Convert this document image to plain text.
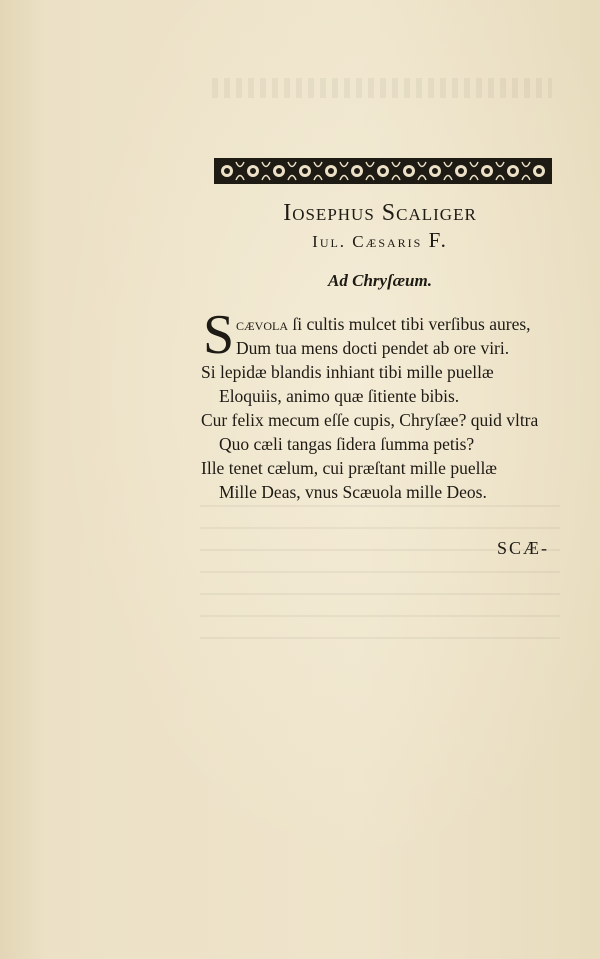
Iosephus Scaliger
Iul. Cæsaris F.
Ad Chryſæum.
S cævola ſi cultis mulcet tibi verſibus aures,
Dum tua mens docti pendet ab ore viri.
Si lepidæ blandis inhiant tibi mille puellæ
Eloquiis, animo quæ ſitiente bibis.
Cur felix mecum eſſe cupis, Chryſæe? quid vltra
Quo cæli tangas ſidera ſumma petis?
Ille tenet cælum, cui præſtant mille puellæ
Mille Deas, vnus Scæuola mille Deos.
SCÆ-
